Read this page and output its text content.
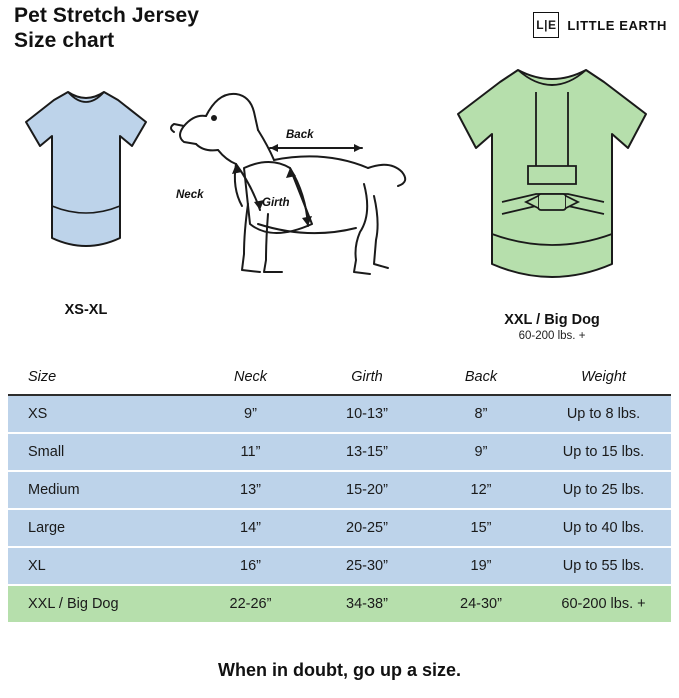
Pet Stretch Jersey
Size chart
L|E LITTLE EARTH
XS-XL
Back
Neck
Girth
XXL / Big Dog
60-200 lbs. +
Size	Neck	Girth	Back	Weight
XS	9”	10-13”	8”	Up to 8 lbs.
Small	11”	13-15”	9”	Up to 15 lbs.
Medium	13”	15-20”	12”	Up to 25 lbs.
Large	14”	20-25”	15”	Up to 40 lbs.
XL	16”	25-30”	19”	Up to 55 lbs.
XXL / Big Dog	22-26”	34-38”	24-30”	60-200 lbs. +
When in doubt, go up a size.
